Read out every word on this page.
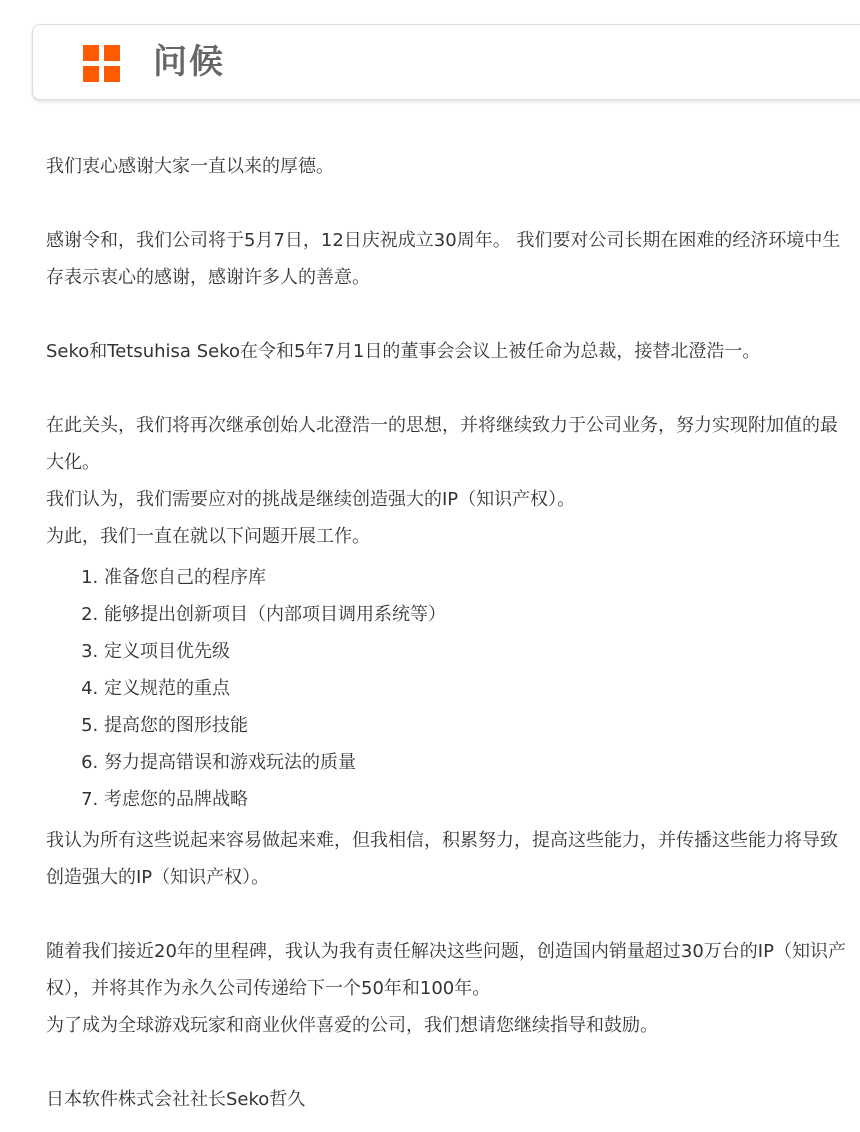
问候

我们衷心感谢大家一直以来的厚德。

感谢令和，我们公司将于5月7日，12日庆祝成立30周年。 我们要对公司长期在困难的经济环境中生存表示衷心的感谢，感谢许多人的善意。

Seko和Tetsuhisa Seko在令和5年7月1日的董事会会议上被任命为总裁，接替北澄浩一。

在此关头，我们将再次继承创始人北澄浩一的思想，并将继续致力于公司业务，努力实现附加值的最大化。

我们认为，我们需要应对的挑战是继续创造强大的IP（知识产权）。

为此，我们一直在就以下问题开展工作。

1. 准备您自己的程序库
2. 能够提出创新项目（内部项目调用系统等）
3. 定义项目优先级
4. 定义规范的重点
5. 提高您的图形技能
6. 努力提高错误和游戏玩法的质量
7. 考虑您的品牌战略

我认为所有这些说起来容易做起来难，但我相信，积累努力，提高这些能力，并传播这些能力将导致创造强大的IP（知识产权）。

随着我们接近20年的里程碑，我认为我有责任解决这些问题，创造国内销量超过30万台的IP（知识产权），并将其作为永久公司传递给下一个50年和100年。

为了成为全球游戏玩家和商业伙伴喜爱的公司，我们想请您继续指导和鼓励。

日本软件株式会社社长Seko哲久
